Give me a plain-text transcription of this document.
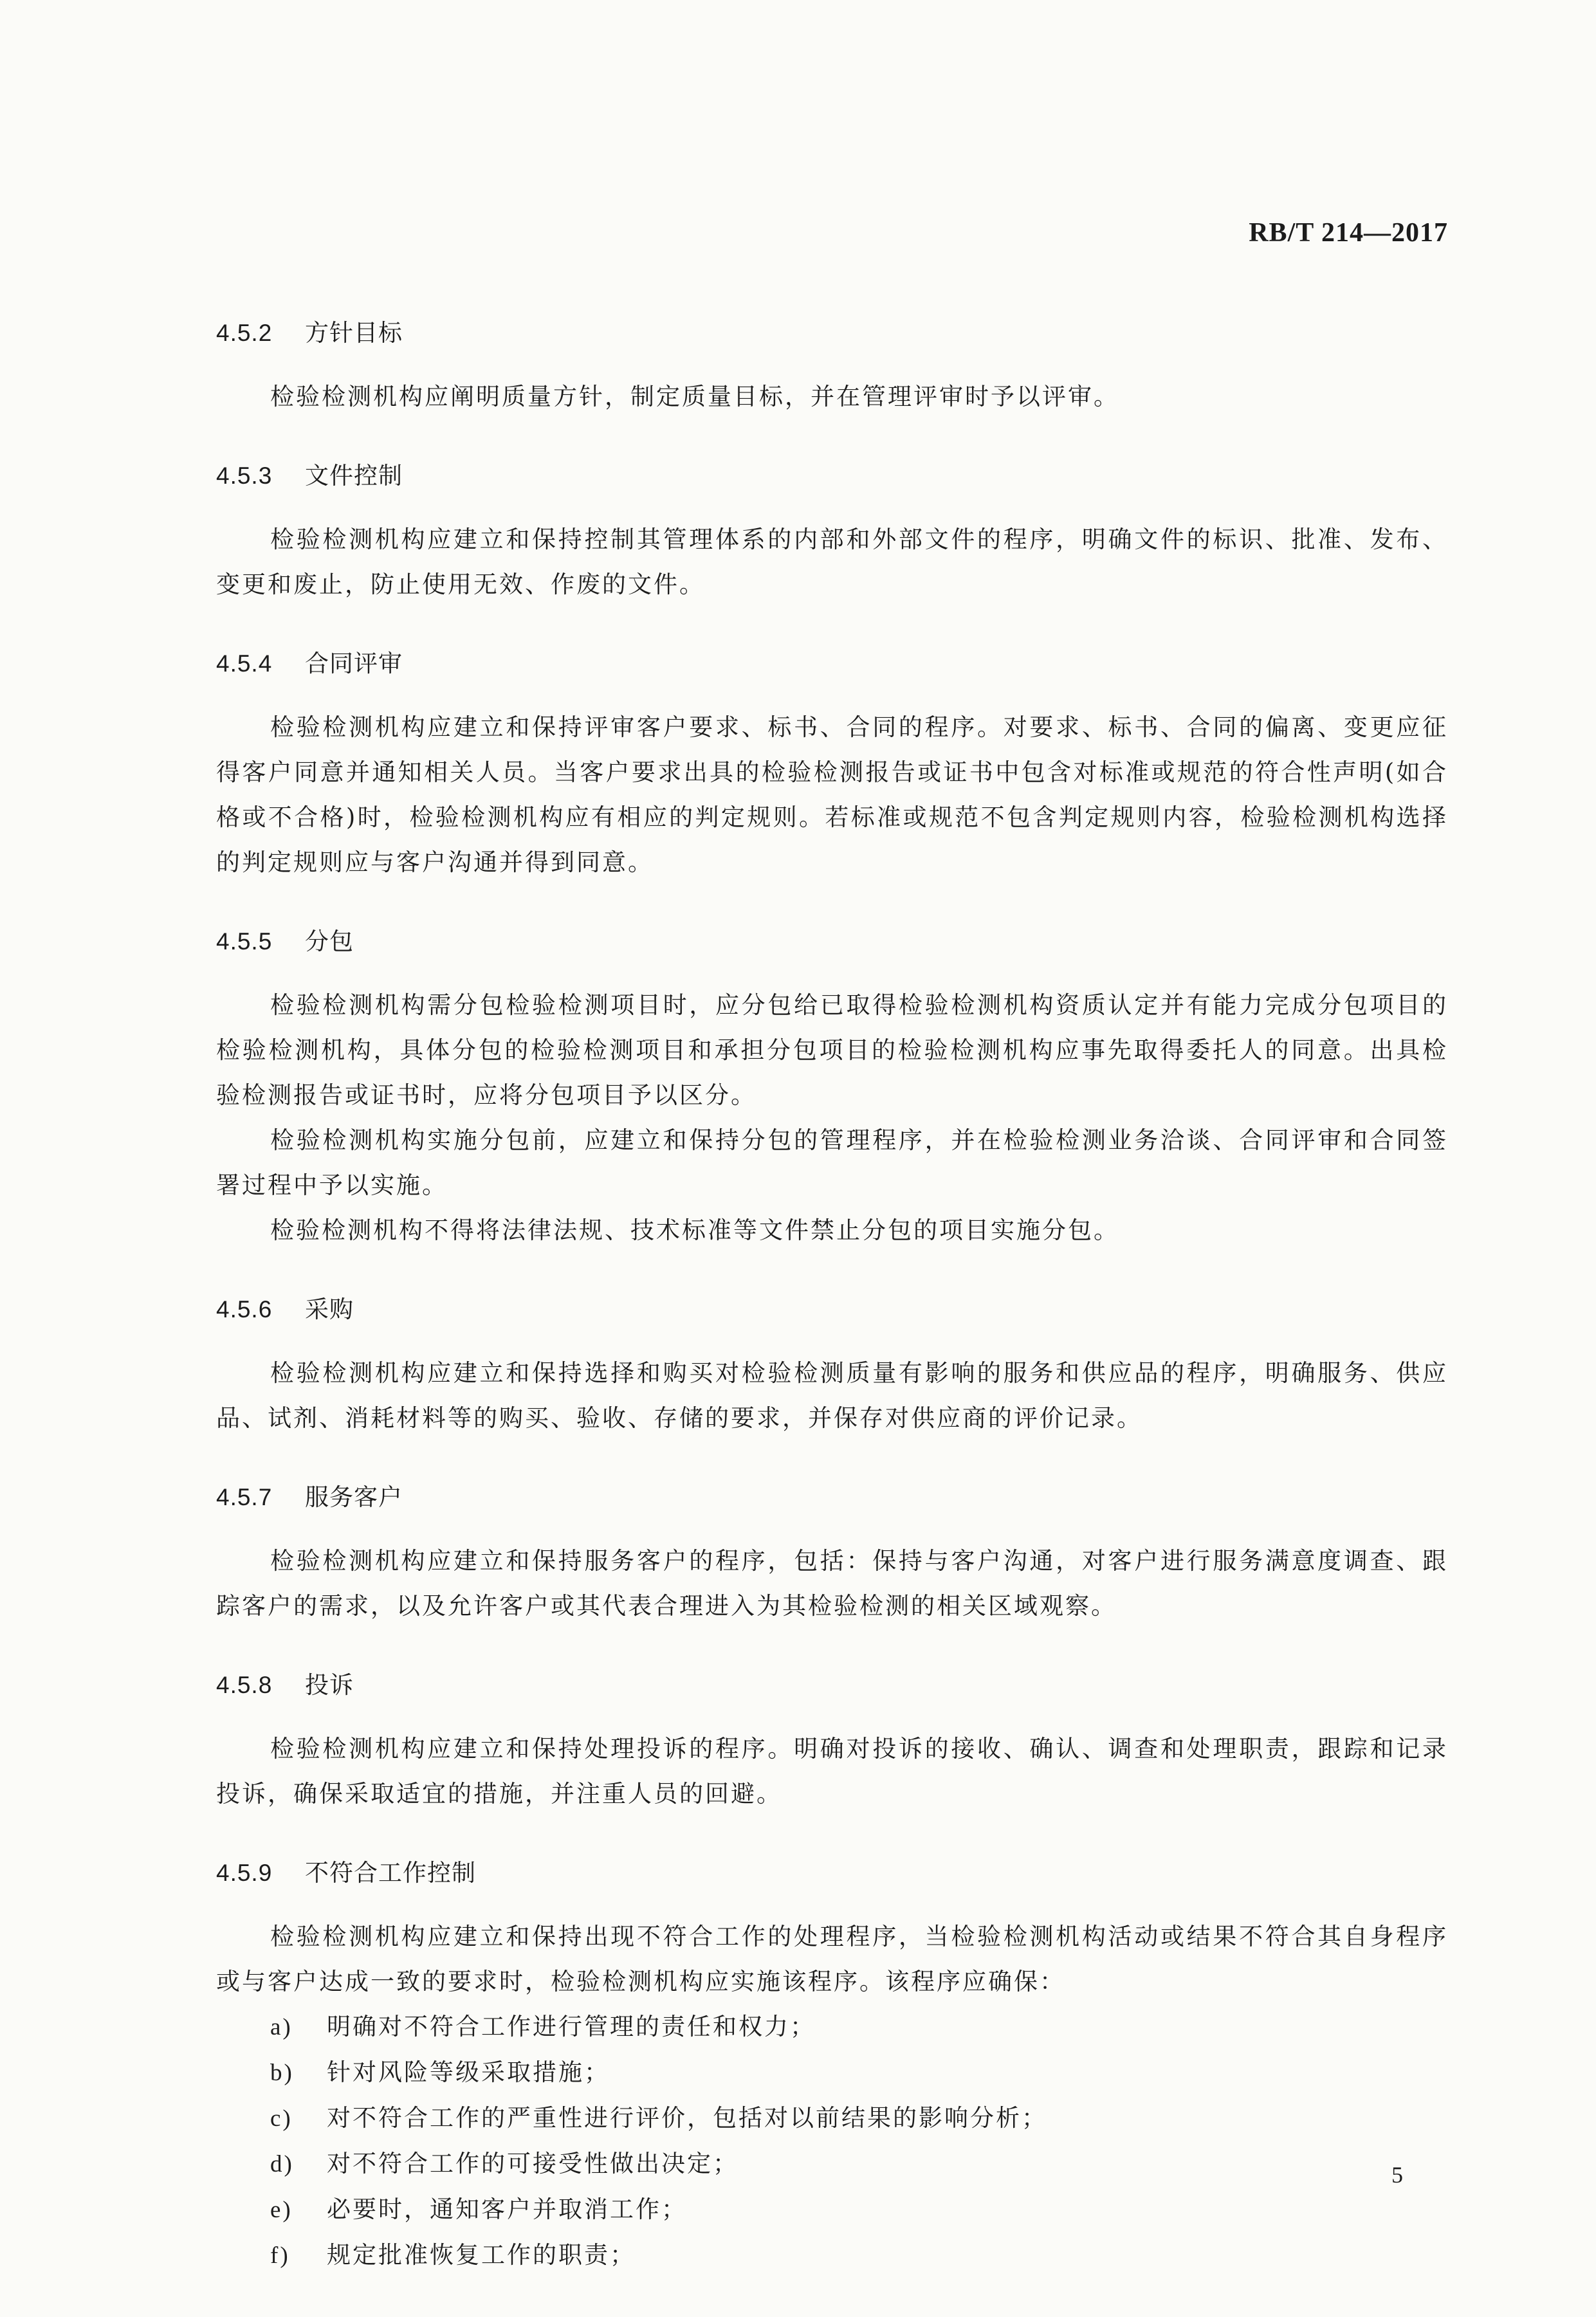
RB/T 214—2017
4.5.2 方针目标

检验检测机构应阐明质量方针，制定质量目标，并在管理评审时予以评审。

4.5.3 文件控制

检验检测机构应建立和保持控制其管理体系的内部和外部文件的程序，明确文件的标识、批准、发布、变更和废止，防止使用无效、作废的文件。

4.5.4 合同评审

检验检测机构应建立和保持评审客户要求、标书、合同的程序。对要求、标书、合同的偏离、变更应征得客户同意并通知相关人员。当客户要求出具的检验检测报告或证书中包含对标准或规范的符合性声明(如合格或不合格)时，检验检测机构应有相应的判定规则。若标准或规范不包含判定规则内容，检验检测机构选择的判定规则应与客户沟通并得到同意。

4.5.5 分包

检验检测机构需分包检验检测项目时，应分包给已取得检验检测机构资质认定并有能力完成分包项目的检验检测机构，具体分包的检验检测项目和承担分包项目的检验检测机构应事先取得委托人的同意。出具检验检测报告或证书时，应将分包项目予以区分。

检验检测机构实施分包前，应建立和保持分包的管理程序，并在检验检测业务洽谈、合同评审和合同签署过程中予以实施。

检验检测机构不得将法律法规、技术标准等文件禁止分包的项目实施分包。

4.5.6 采购

检验检测机构应建立和保持选择和购买对检验检测质量有影响的服务和供应品的程序，明确服务、供应品、试剂、消耗材料等的购买、验收、存储的要求，并保存对供应商的评价记录。

4.5.7 服务客户

检验检测机构应建立和保持服务客户的程序，包括：保持与客户沟通，对客户进行服务满意度调查、跟踪客户的需求，以及允许客户或其代表合理进入为其检验检测的相关区域观察。

4.5.8 投诉

检验检测机构应建立和保持处理投诉的程序。明确对投诉的接收、确认、调查和处理职责，跟踪和记录投诉，确保采取适宜的措施，并注重人员的回避。

4.5.9 不符合工作控制

检验检测机构应建立和保持出现不符合工作的处理程序，当检验检测机构活动或结果不符合其自身程序或与客户达成一致的要求时，检验检测机构应实施该程序。该程序应确保：

a) 明确对不符合工作进行管理的责任和权力；
b) 针对风险等级采取措施；
c) 对不符合工作的严重性进行评价，包括对以前结果的影响分析；
d) 对不符合工作的可接受性做出决定；
e) 必要时，通知客户并取消工作；
f) 规定批准恢复工作的职责；
5
